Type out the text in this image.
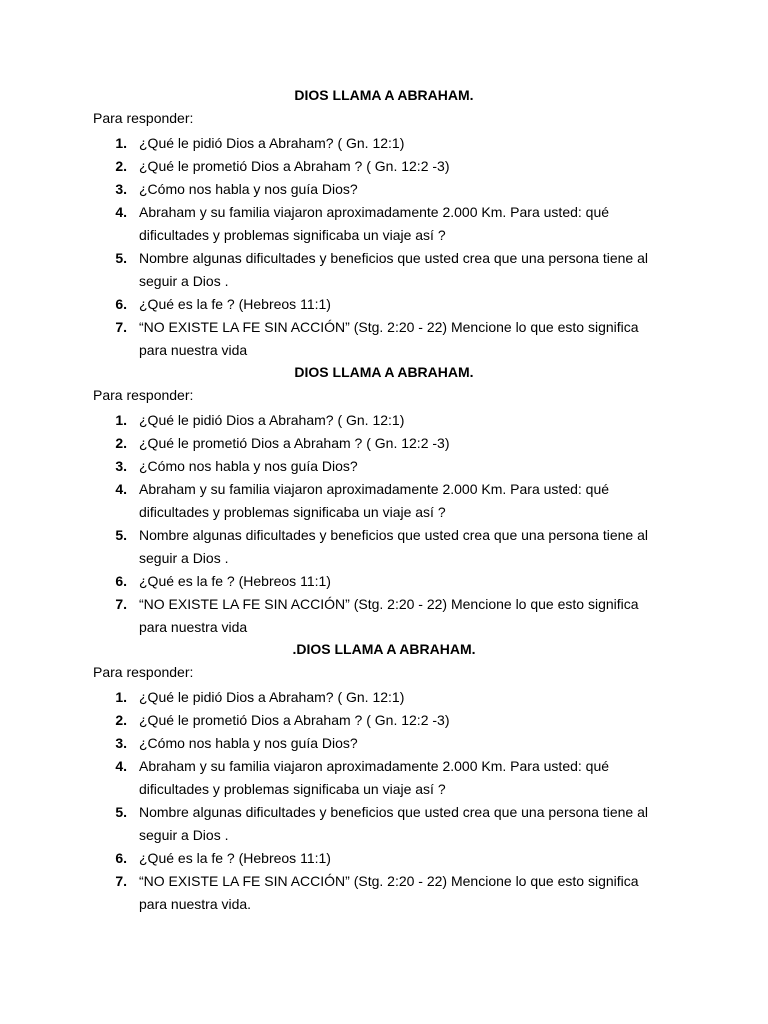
DIOS LLAMA A ABRAHAM.
Para responder:
1. ¿Qué le pidió Dios a Abraham? ( Gn. 12:1)
2. ¿Qué le prometió Dios a Abraham ? ( Gn. 12:2 -3)
3. ¿Cómo nos habla y nos guía Dios?
4. Abraham y su familia viajaron aproximadamente 2.000 Km. Para usted: qué
dificultades y problemas significaba un viaje así ?
5. Nombre algunas dificultades y beneficios que usted crea que una persona tiene al
seguir a Dios .
6. ¿Qué es la fe ? (Hebreos 11:1)
7. “NO EXISTE LA FE SIN ACCIÓN” (Stg. 2:20 - 22) Mencione lo que esto significa
para nuestra vida
DIOS LLAMA A ABRAHAM.
Para responder:
1. ¿Qué le pidió Dios a Abraham? ( Gn. 12:1)
2. ¿Qué le prometió Dios a Abraham ? ( Gn. 12:2 -3)
3. ¿Cómo nos habla y nos guía Dios?
4. Abraham y su familia viajaron aproximadamente 2.000 Km. Para usted: qué
dificultades y problemas significaba un viaje así ?
5. Nombre algunas dificultades y beneficios que usted crea que una persona tiene al
seguir a Dios .
6. ¿Qué es la fe ? (Hebreos 11:1)
7. “NO EXISTE LA FE SIN ACCIÓN” (Stg. 2:20 - 22) Mencione lo que esto significa
para nuestra vida
.DIOS LLAMA A ABRAHAM.
Para responder:
1. ¿Qué le pidió Dios a Abraham? ( Gn. 12:1)
2. ¿Qué le prometió Dios a Abraham ? ( Gn. 12:2 -3)
3. ¿Cómo nos habla y nos guía Dios?
4. Abraham y su familia viajaron aproximadamente 2.000 Km. Para usted: qué
dificultades y problemas significaba un viaje así ?
5. Nombre algunas dificultades y beneficios que usted crea que una persona tiene al
seguir a Dios .
6. ¿Qué es la fe ? (Hebreos 11:1)
7. “NO EXISTE LA FE SIN ACCIÓN” (Stg. 2:20 - 22) Mencione lo que esto significa
para nuestra vida.
